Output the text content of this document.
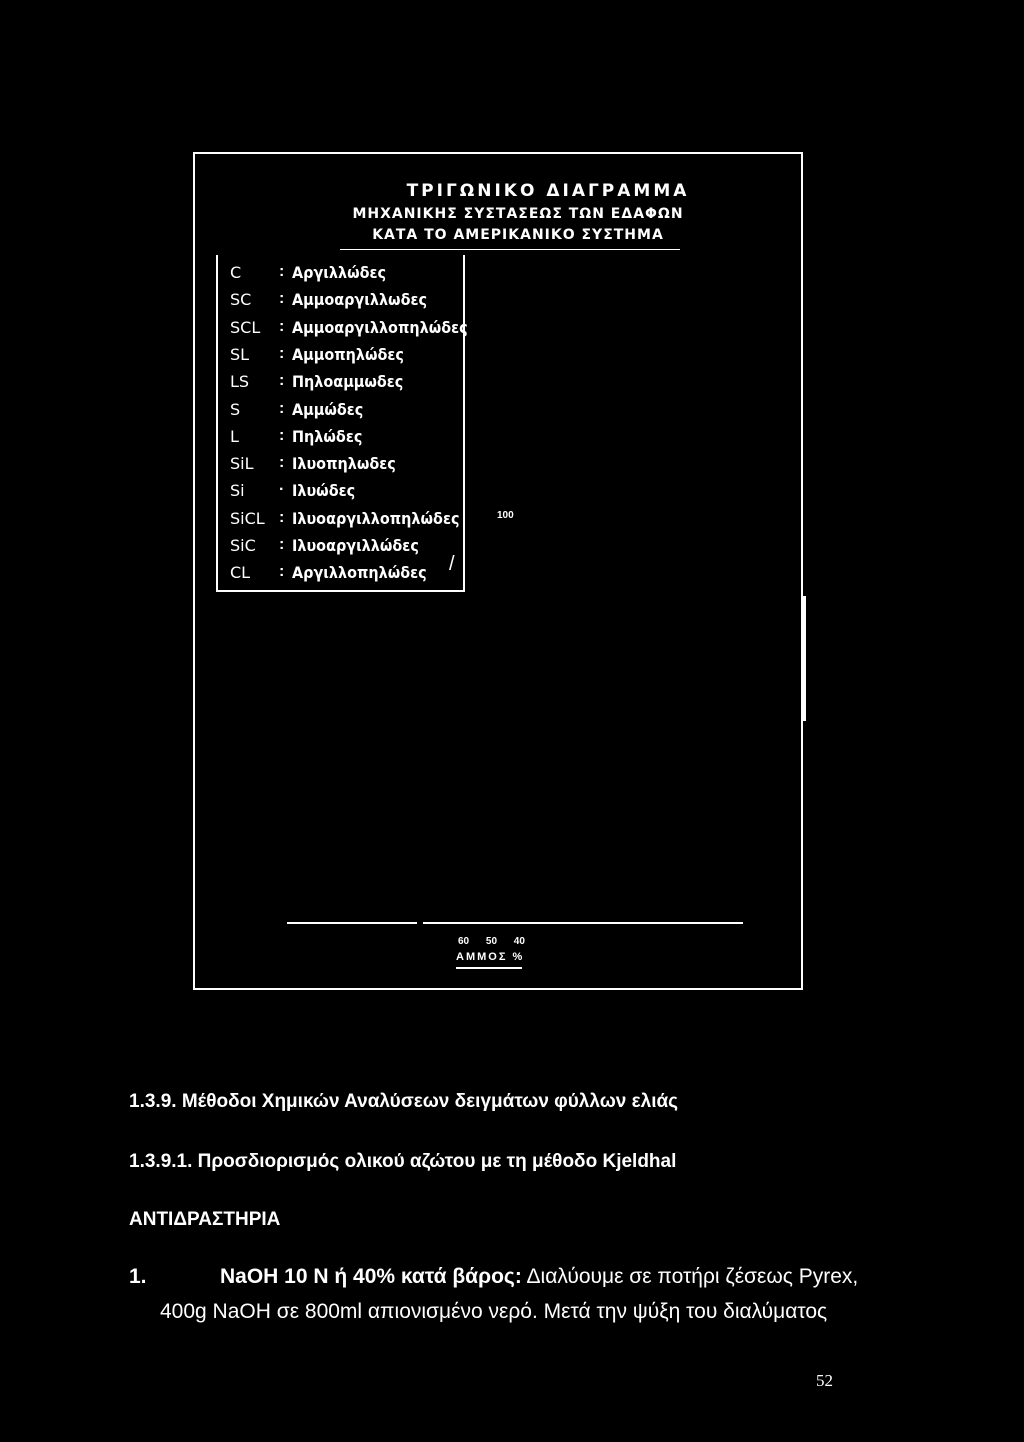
ΤΡΙΓΩΝΙΚΟ ΔΙΑΓΡΑΜΜΑ
ΜΗΧΑΝΙΚΗΣ ΣΥΣΤΑΣΕΩΣ ΤΩΝ ΕΔΑΦΩΝ
ΚΑΤΑ ΤΟ ΑΜΕΡΙΚΑΝΙΚΟ ΣΥΣΤΗΜΑ
C : Αργιλλώδες
SC : Αμμοαργιλλωδες
SCL : Αμμοαργιλλοπηλώδες
SL : Αμμοπηλώδες
LS : Πηλοαμμωδες
S : Αμμώδες
L	: Πηλώδες
SiL : Ιλυοπηλωδες
Si · Ιλυώδες
SiCL : Ιλυοαργιλλοπηλώδες
SiC : Ιλυοαργιλλώδες
CL : Αργιλλοπηλώδες /
100
60 50 40
ΑΜΜΟΣ %
1.3.9. Μέθοδοι Χημικών Αναλύσεων δειγμάτων φύλλων ελιάς
1.3.9.1. Προσδιορισμός ολικού αζώτου με τη μέθοδο Kjeldhal
ΑΝΤΙΔΡΑΣΤΗΡΙΑ
1.	NaOH 10 N ή 40% κατά βάρος: Διαλύουμε σε ποτήρι ζέσεως Pyrex,
400g NaOH σε 800ml απιονισμένο νερό. Μετά την ψύξη του διαλύματος
52
